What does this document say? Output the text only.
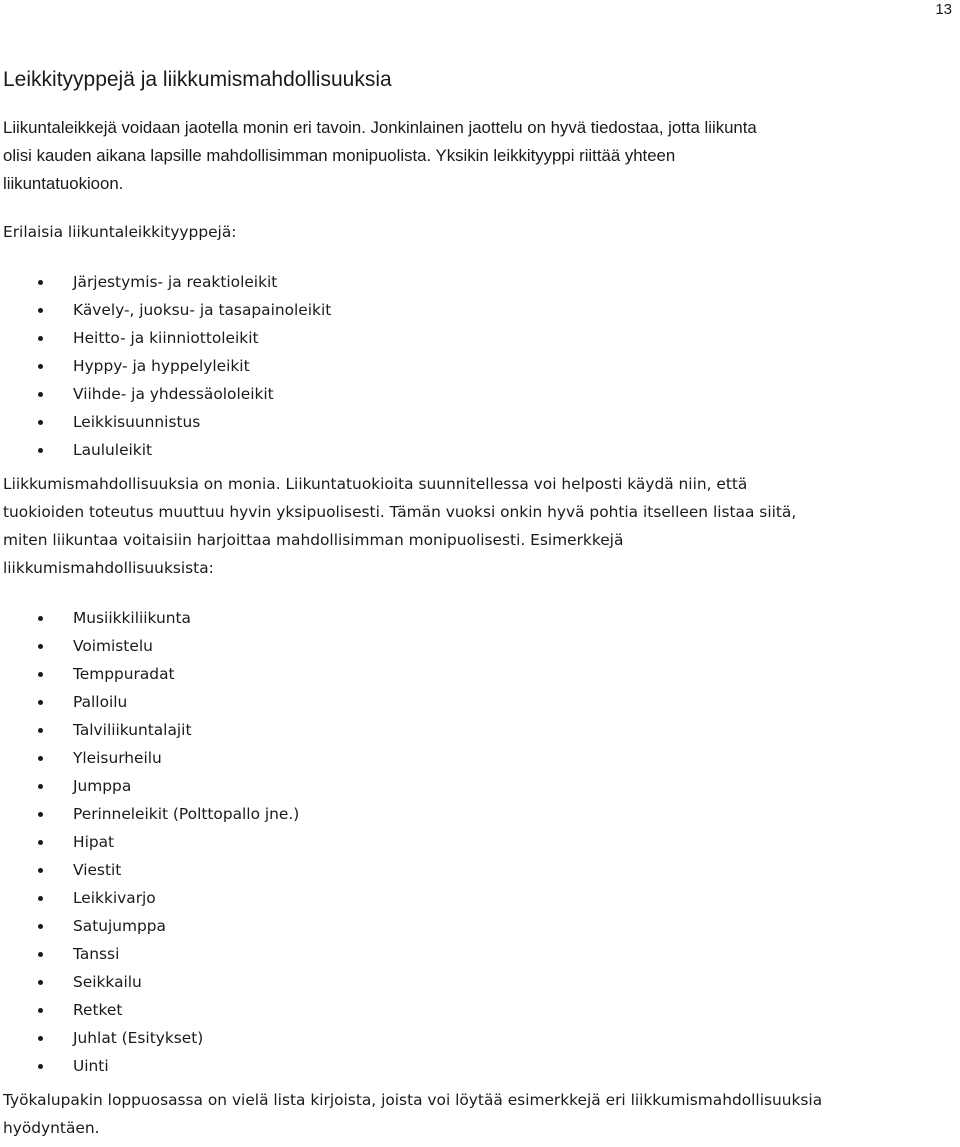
13
Leikkityyppejä ja liikkumismahdollisuuksia

Liikuntaleikkejä voidaan jaotella monin eri tavoin. Jonkinlainen jaottelu on hyvä tiedostaa, jotta liikunta
olisi kauden aikana lapsille mahdollisimman monipuolista. Yksikin leikkityyppi riittää yhteen
liikuntatuokioon.

Erilaisia liikuntaleikkityyppejä:

Järjestymis- ja reaktioleikit
Kävely-, juoksu- ja tasapainoleikit
Heitto- ja kiinniottoleikit
Hyppy- ja hyppelyleikit
Viihde- ja yhdessäololeikit
Leikkisuunnistus
Laululeikit

Liikkumismahdollisuuksia on monia. Liikuntatuokioita suunnitellessa voi helposti käydä niin, että
tuokioiden toteutus muuttuu hyvin yksipuolisesti. Tämän vuoksi onkin hyvä pohtia itselleen listaa siitä,
miten liikuntaa voitaisiin harjoittaa mahdollisimman monipuolisesti. Esimerkkejä
liikkumismahdollisuuksista:

Musiikkiliikunta
Voimistelu
Temppuradat
Palloilu
Talviliikuntalajit
Yleisurheilu
Jumppa
Perinneleikit (Polttopallo jne.)
Hipat
Viestit
Leikkivarjo
Satujumppa
Tanssi
Seikkailu
Retket
Juhlat (Esitykset)
Uinti

Työkalupakin loppuosassa on vielä lista kirjoista, joista voi löytää esimerkkejä eri liikkumismahdollisuuksia
hyödyntäen.
